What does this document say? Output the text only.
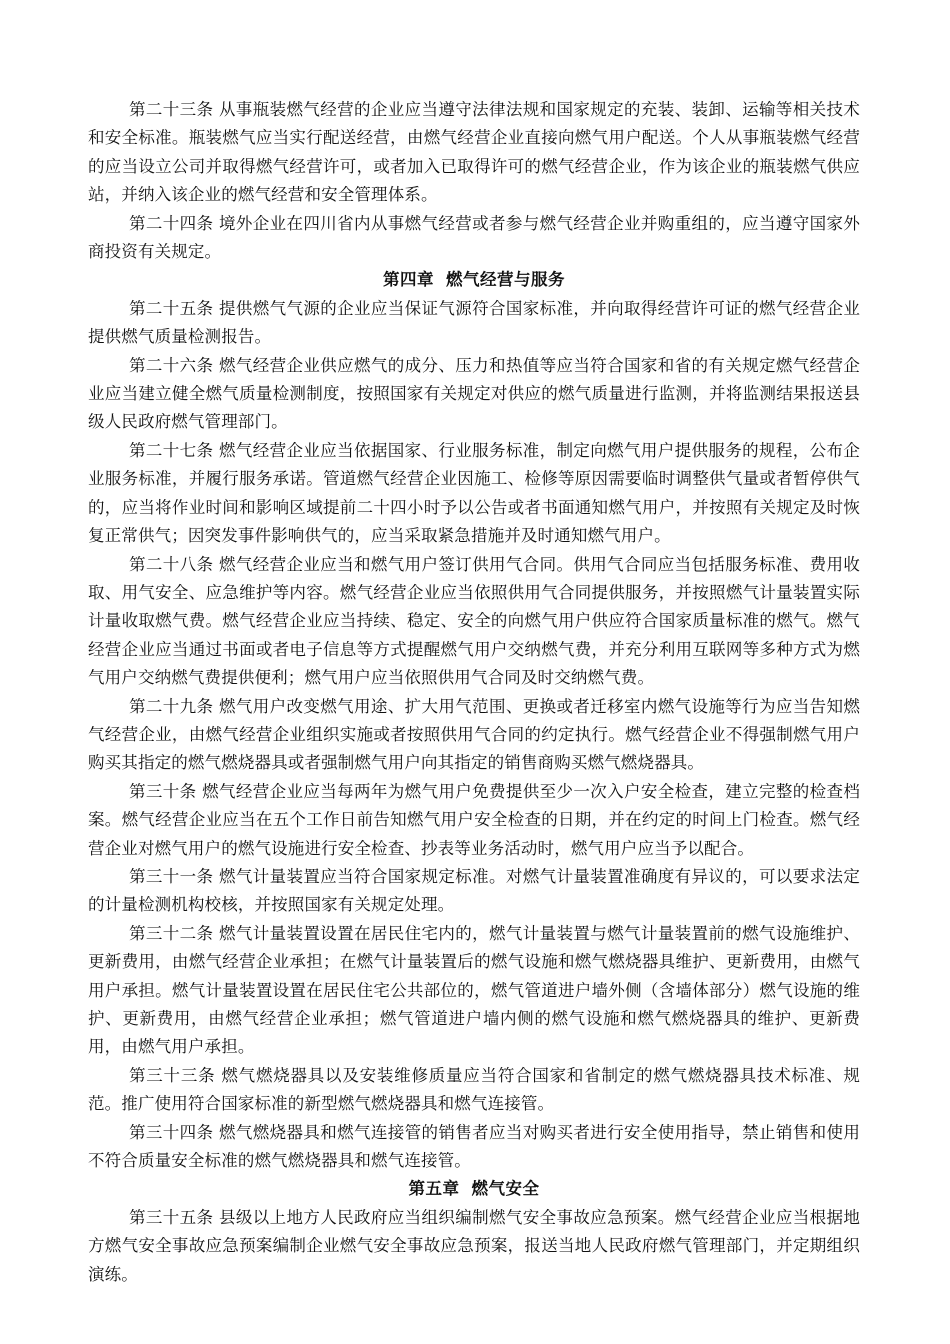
第二十三条 从事瓶装燃气经营的企业应当遵守法律法规和国家规定的充装、装卸、运输等相关技术和安全标准。瓶装燃气应当实行配送经营，由燃气经营企业直接向燃气用户配送。个人从事瓶装燃气经营的应当设立公司并取得燃气经营许可，或者加入已取得许可的燃气经营企业，作为该企业的瓶装燃气供应站，并纳入该企业的燃气经营和安全管理体系。

第二十四条 境外企业在四川省内从事燃气经营或者参与燃气经营企业并购重组的，应当遵守国家外商投资有关规定。

第四章 燃气经营与服务

第二十五条 提供燃气气源的企业应当保证气源符合国家标准，并向取得经营许可证的燃气经营企业提供燃气质量检测报告。

第二十六条 燃气经营企业供应燃气的成分、压力和热值等应当符合国家和省的有关规定燃气经营企业应当建立健全燃气质量检测制度，按照国家有关规定对供应的燃气质量进行监测，并将监测结果报送县级人民政府燃气管理部门。

第二十七条 燃气经营企业应当依据国家、行业服务标准，制定向燃气用户提供服务的规程，公布企业服务标准，并履行服务承诺。管道燃气经营企业因施工、检修等原因需要临时调整供气量或者暂停供气的，应当将作业时间和影响区域提前二十四小时予以公告或者书面通知燃气用户，并按照有关规定及时恢复正常供气；因突发事件影响供气的，应当采取紧急措施并及时通知燃气用户。

第二十八条 燃气经营企业应当和燃气用户签订供用气合同。供用气合同应当包括服务标准、费用收取、用气安全、应急维护等内容。燃气经营企业应当依照供用气合同提供服务，并按照燃气计量装置实际计量收取燃气费。燃气经营企业应当持续、稳定、安全的向燃气用户供应符合国家质量标准的燃气。燃气经营企业应当通过书面或者电子信息等方式提醒燃气用户交纳燃气费，并充分利用互联网等多种方式为燃气用户交纳燃气费提供便利；燃气用户应当依照供用气合同及时交纳燃气费。

第二十九条 燃气用户改变燃气用途、扩大用气范围、更换或者迁移室内燃气设施等行为应当告知燃气经营企业，由燃气经营企业组织实施或者按照供用气合同的约定执行。燃气经营企业不得强制燃气用户购买其指定的燃气燃烧器具或者强制燃气用户向其指定的销售商购买燃气燃烧器具。

第三十条 燃气经营企业应当每两年为燃气用户免费提供至少一次入户安全检查，建立完整的检查档案。燃气经营企业应当在五个工作日前告知燃气用户安全检查的日期，并在约定的时间上门检查。燃气经营企业对燃气用户的燃气设施进行安全检查、抄表等业务活动时，燃气用户应当予以配合。

第三十一条 燃气计量装置应当符合国家规定标准。对燃气计量装置准确度有异议的，可以要求法定的计量检测机构校核，并按照国家有关规定处理。

第三十二条 燃气计量装置设置在居民住宅内的，燃气计量装置与燃气计量装置前的燃气设施维护、更新费用，由燃气经营企业承担；在燃气计量装置后的燃气设施和燃气燃烧器具维护、更新费用，由燃气用户承担。燃气计量装置设置在居民住宅公共部位的，燃气管道进户墙外侧（含墙体部分）燃气设施的维护、更新费用，由燃气经营企业承担；燃气管道进户墙内侧的燃气设施和燃气燃烧器具的维护、更新费用，由燃气用户承担。

第三十三条 燃气燃烧器具以及安装维修质量应当符合国家和省制定的燃气燃烧器具技术标准、规范。推广使用符合国家标准的新型燃气燃烧器具和燃气连接管。

第三十四条 燃气燃烧器具和燃气连接管的销售者应当对购买者进行安全使用指导，禁止销售和使用不符合质量安全标准的燃气燃烧器具和燃气连接管。

第五章 燃气安全

第三十五条 县级以上地方人民政府应当组织编制燃气安全事故应急预案。燃气经营企业应当根据地方燃气安全事故应急预案编制企业燃气安全事故应急预案，报送当地人民政府燃气管理部门，并定期组织演练。
